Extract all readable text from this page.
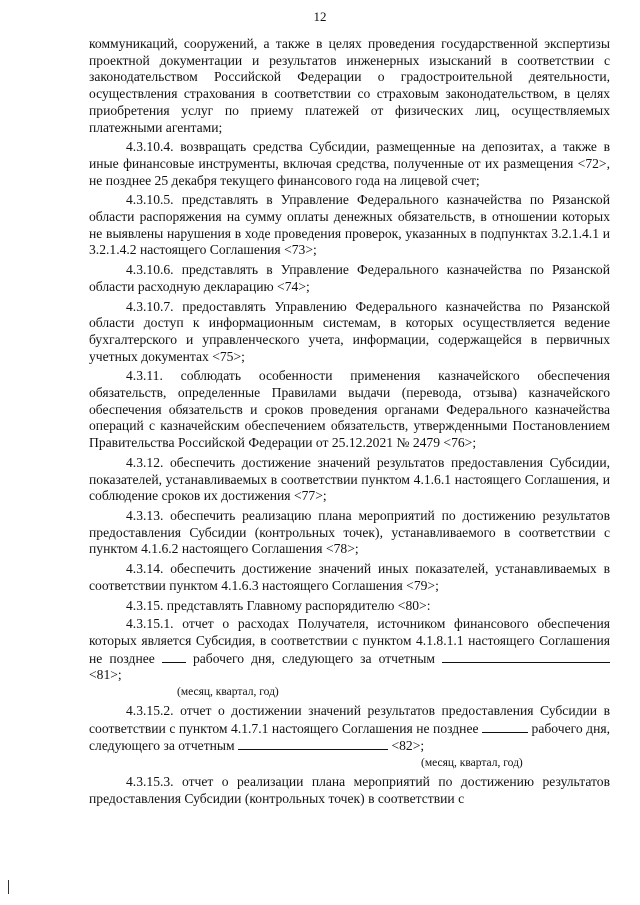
12

коммуникаций, сооружений, а также в целях проведения государственной экспертизы проектной документации и результатов инженерных изысканий в соответствии с законодательством Российской Федерации о градостроительной деятельности, осуществления страхования в соответствии со страховым законодательством, в целях приобретения услуг по приему платежей от физических лиц, осуществляемых платежными агентами;

4.3.10.4. возвращать средства Субсидии, размещенные на депозитах, а также в иные финансовые инструменты, включая средства, полученные от их размещения <72>, не позднее 25 декабря текущего финансового года на лицевой счет;

4.3.10.5. представлять в Управление Федерального казначейства по Рязанской области распоряжения на сумму оплаты денежных обязательств, в отношении которых не выявлены нарушения в ходе проведения проверок, указанных в подпунктах 3.2.1.4.1 и 3.2.1.4.2 настоящего Соглашения <73>;

4.3.10.6. представлять в Управление Федерального казначейства по Рязанской области расходную декларацию <74>;

4.3.10.7. предоставлять Управлению Федерального казначейства по Рязанской области доступ к информационным системам, в которых осуществляется ведение бухгалтерского и управленческого учета, информации, содержащейся в первичных учетных документах <75>;

4.3.11. соблюдать особенности применения казначейского обеспечения обязательств, определенные Правилами выдачи (перевода, отзыва) казначейского обеспечения обязательств и сроков проведения органами Федерального казначейства операций с казначейским обеспечением обязательств, утвержденными Постановлением Правительства Российской Федерации от 25.12.2021 № 2479 <76>;

4.3.12. обеспечить достижение значений результатов предоставления Субсидии, показателей, устанавливаемых в соответствии пунктом 4.1.6.1 настоящего Соглашения, и соблюдение сроков их достижения <77>;

4.3.13. обеспечить реализацию плана мероприятий по достижению результатов предоставления Субсидии (контрольных точек), устанавливаемого в соответствии с пунктом 4.1.6.2 настоящего Соглашения <78>;

4.3.14. обеспечить достижение значений иных показателей, устанавливаемых в соответствии пунктом 4.1.6.3 настоящего Соглашения <79>;

4.3.15. представлять Главному распорядителю <80>:

4.3.15.1. отчет о расходах Получателя, источником финансового обеспечения которых является Субсидия, в соответствии с пунктом 4.1.8.1.1 настоящего Соглашения не позднее	рабочего дня, следующего за отчетным  <81>;

(месяц, квартал, год)

4.3.15.2. отчет о достижении значений результатов предоставления Субсидии в соответствии с пунктом 4.1.7.1 настоящего Соглашения не позднее	рабочего дня, следующего за отчетным	<82>;

(месяц, квартал, год)

4.3.15.3. отчет о реализации плана мероприятий по достижению результатов предоставления Субсидии (контрольных точек) в соответствии с
